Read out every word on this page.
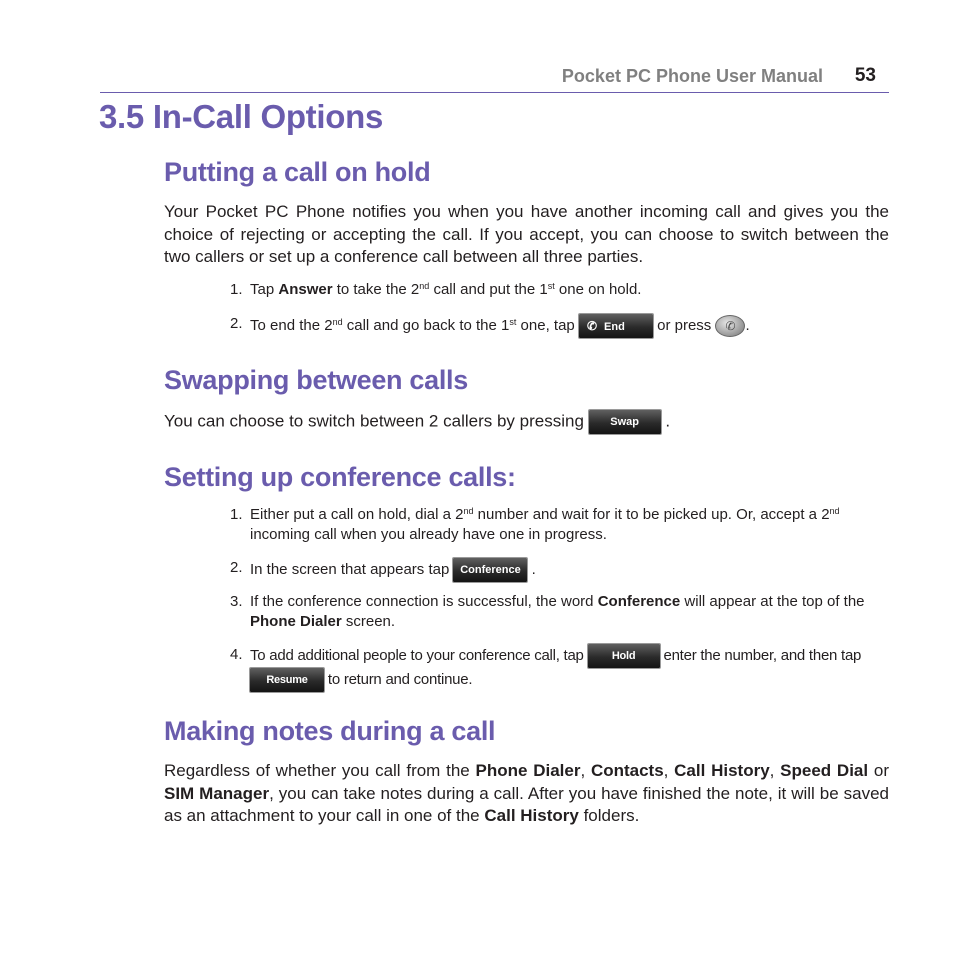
Pocket PC Phone User Manual 53
3.5 In-Call Options
Putting a call on hold

Your Pocket PC Phone notifies you when you have another incoming call and gives you the choice of rejecting or accepting the call. If you accept, you can choose to switch between the two callers or set up a conference call between all three parties.

1. Tap Answer to take the 2nd call and put the 1st one on hold.
2. To end the 2nd call and go back to the 1st one, tap ✆ End or press ✆ .
Swapping between calls

You can choose to switch between 2 callers by pressing Swap .

Setting up conference calls:
1. Either put a call on hold, dial a 2nd number and wait for it to be picked up. Or, accept a 2nd incoming call when you already have one in progress.
2. In the screen that appears tap Conference .
3. If the conference connection is successful, the word Conference will appear at the top of the Phone Dialer screen.
4. To add additional people to your conference call, tap Hold enter the number, and then tap Resume to return and continue.
Making notes during a call

Regardless of whether you call from the Phone Dialer, Contacts, Call History, Speed Dial or SIM Manager, you can take notes during a call. After you have finished the note, it will be saved as an attachment to your call in one of the Call History folders.
